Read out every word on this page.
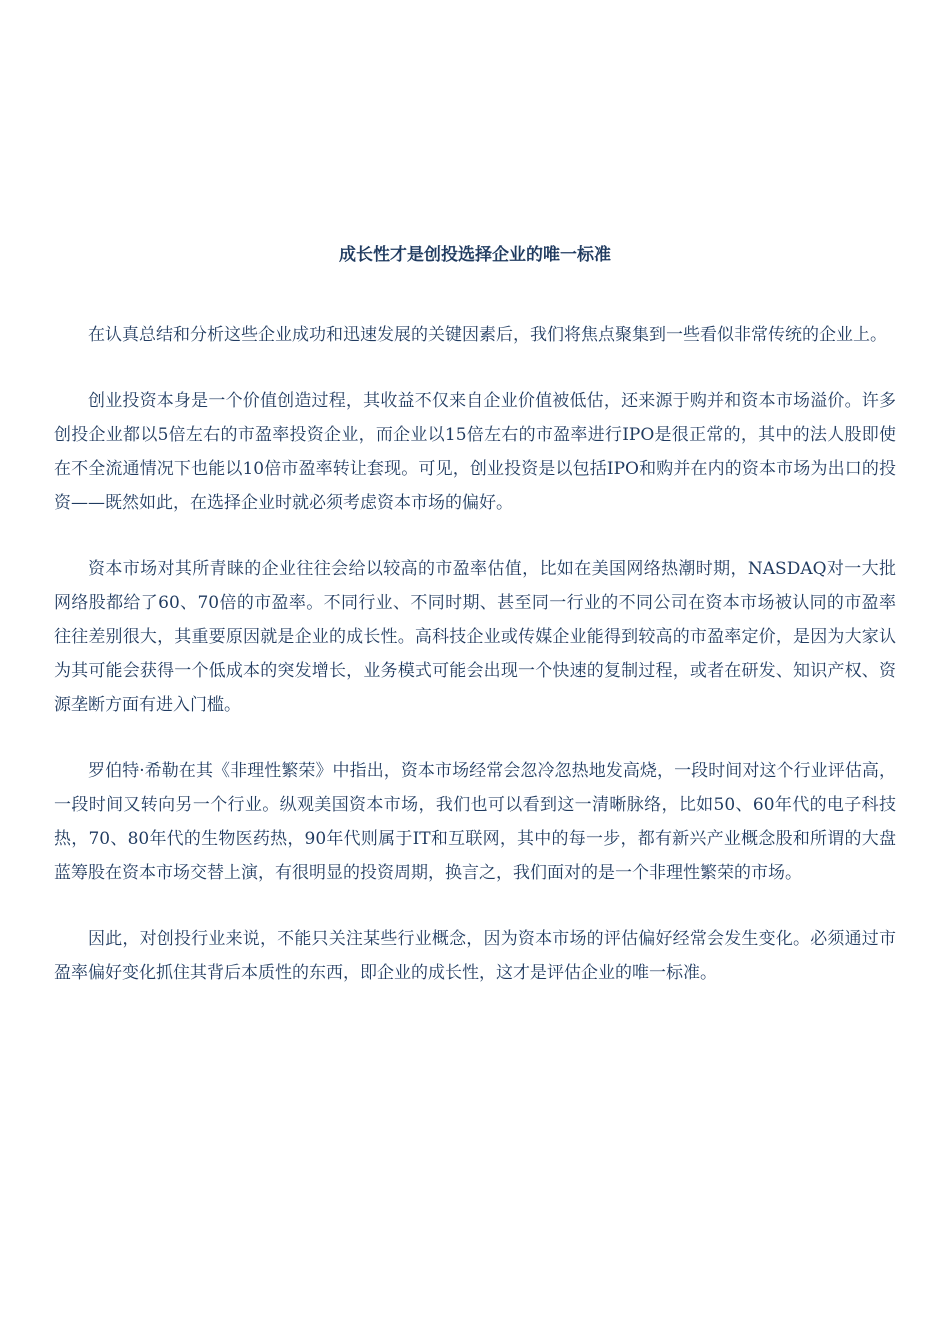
成长性才是创投选择企业的唯一标准

在认真总结和分析这些企业成功和迅速发展的关键因素后，我们将焦点聚集到一些看似非常传统的企业上。

创业投资本身是一个价值创造过程，其收益不仅来自企业价值被低估，还来源于购并和资本市场溢价。许多创投企业都以5倍左右的市盈率投资企业，而企业以15倍左右的市盈率进行IPO是很正常的，其中的法人股即使在不全流通情况下也能以10倍市盈率转让套现。可见，创业投资是以包括IPO和购并在内的资本市场为出口的投资——既然如此，在选择企业时就必须考虑资本市场的偏好。

资本市场对其所青睐的企业往往会给以较高的市盈率估值，比如在美国网络热潮时期，NASDAQ对一大批网络股都给了60、70倍的市盈率。不同行业、不同时期、甚至同一行业的不同公司在资本市场被认同的市盈率往往差别很大，其重要原因就是企业的成长性。高科技企业或传媒企业能得到较高的市盈率定价，是因为大家认为其可能会获得一个低成本的突发增长，业务模式可能会出现一个快速的复制过程，或者在研发、知识产权、资源垄断方面有进入门槛。

罗伯特·希勒在其《非理性繁荣》中指出，资本市场经常会忽冷忽热地发高烧，一段时间对这个行业评估高，一段时间又转向另一个行业。纵观美国资本市场，我们也可以看到这一清晰脉络，比如50、60年代的电子科技热，70、80年代的生物医药热，90年代则属于IT和互联网，其中的每一步，都有新兴产业概念股和所谓的大盘蓝筹股在资本市场交替上演，有很明显的投资周期，换言之，我们面对的是一个非理性繁荣的市场。

因此，对创投行业来说，不能只关注某些行业概念，因为资本市场的评估偏好经常会发生变化。必须通过市盈率偏好变化抓住其背后本质性的东西，即企业的成长性，这才是评估企业的唯一标准。
